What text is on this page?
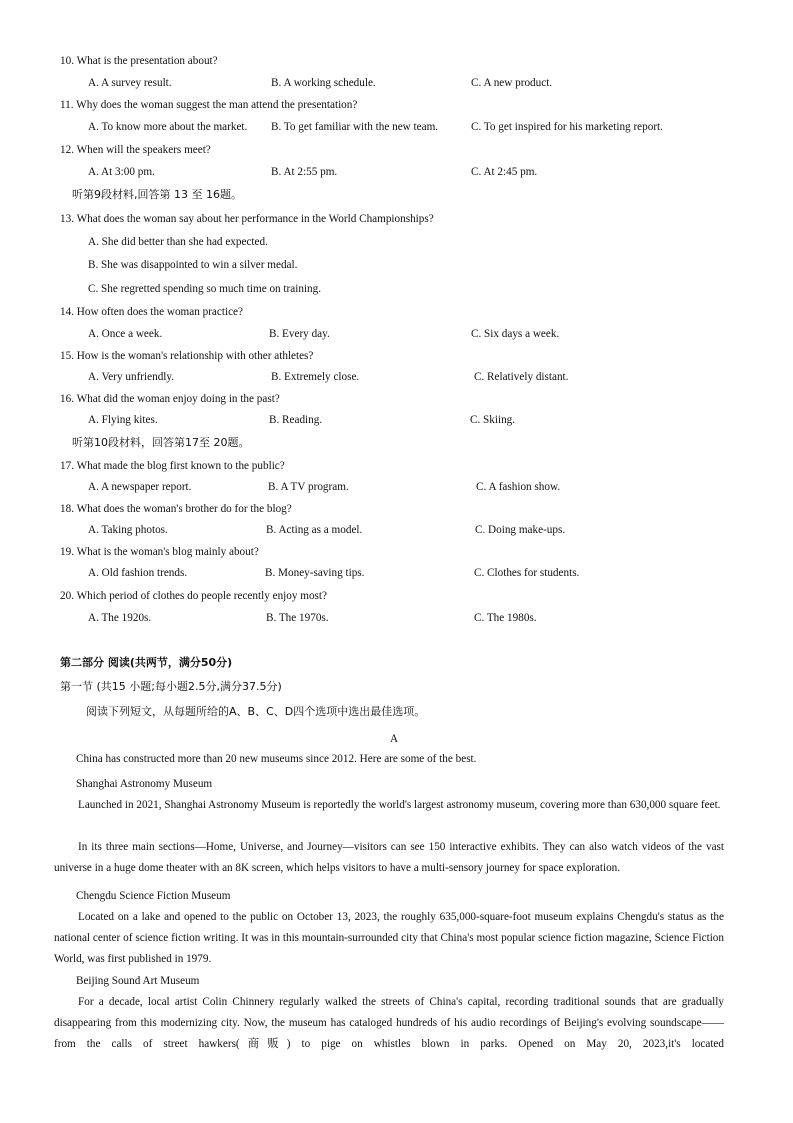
10. What is the presentation about?
A. A survey result.	B. A working schedule.	C. A new product.
11. Why does the woman suggest the man attend the presentation?
A. To know more about the market. B. To get familiar with the new team.	C. To get inspired for his marketing report.
12. When will the speakers meet?
A. At 3:00 pm.	B. At 2:55 pm.	C. At 2:45 pm.
听第9段材料,回答第 13 至 16题。
13. What does the woman say about her performance in the World Championships?
A. She did better than she had expected.
B. She was disappointed to win a silver medal.
C. She regretted spending so much time on training.
14. How often does the woman practice?
A. Once a week.	B. Every day.	C. Six days a week.
15. How is the woman's relationship with other athletes?
A. Very unfriendly.	B. Extremely close.	C. Relatively distant.
16. What did the woman enjoy doing in the past?
A. Flying kites.	B. Reading.	C. Skiing.
听第10段材料，回答第17至 20题。
17. What made the blog first known to the public?
A. A newspaper report.	B. A TV program.	C. A fashion show.
18. What does the woman's brother do for the blog?
A. Taking photos.	B. Acting as a model.	C. Doing make-ups.
19. What is the woman's blog mainly about?
A. Old fashion trends.	B. Money-saving tips.	C. Clothes for students.
20. Which period of clothes do people recently enjoy most?
A. The 1920s.	B. The 1970s.	C. The 1980s.
第二部分 阅读(共两节，满分50分)
第一节 (共15 小题;每小题2.5分,满分37.5分)
阅读下列短文，从每题所给的A、B、C、D四个选项中选出最佳选项。
A
China has constructed more than 20 new museums since 2012. Here are some of the best.
Shanghai Astronomy Museum
Launched in 2021, Shanghai Astronomy Museum is reportedly the world's largest astronomy museum, covering more than 630,000 square feet.
In its three main sections—Home, Universe, and Journey—visitors can see 150 interactive exhibits. They can also watch videos of the vast universe in a huge dome theater with an 8K screen, which helps visitors to have a multi-sensory journey for space exploration.
Chengdu Science Fiction Museum
Located on a lake and opened to the public on October 13, 2023, the roughly 635,000-square-foot museum explains Chengdu's status as the national center of science fiction writing. It was in this mountain-surrounded city that China's most popular science fiction magazine, Science Fiction World, was first published in 1979.
Beijing Sound Art Museum
For a decade, local artist Colin Chinnery regularly walked the streets of China's capital, recording traditional sounds that are gradually disappearing from this modernizing city. Now, the museum has cataloged hundreds of his audio recordings of Beijing's evolving soundscape——from the calls of street hawkers(商贩) to pige on whistles blown in parks. Opened on May 20, 2023,it's located
